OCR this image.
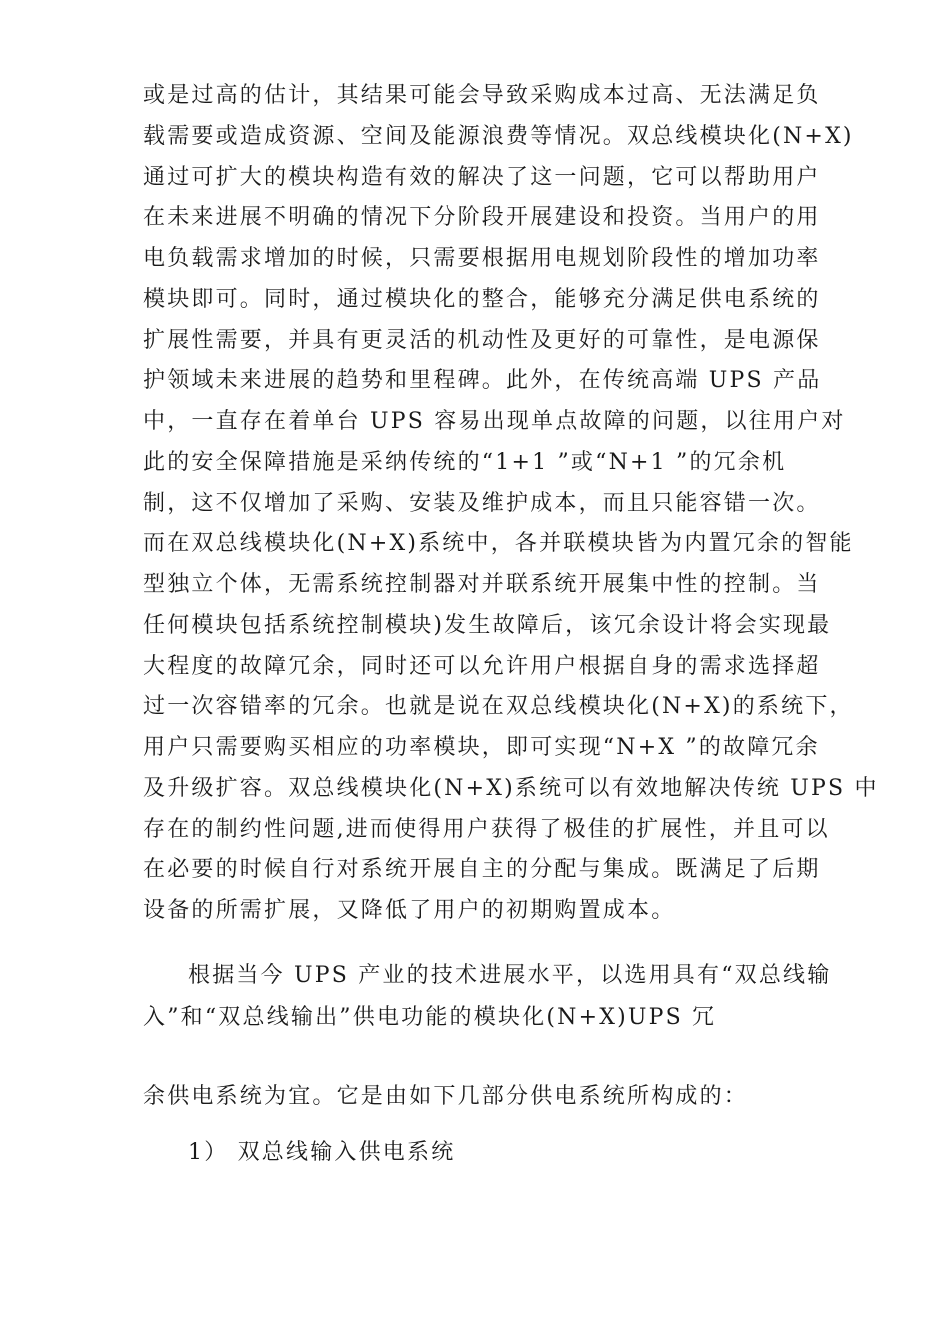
或是过高的估计，其结果可能会导致采购成本过高、无法满足负
载需要或造成资源、空间及能源浪费等情况。双总线模块化(N+X)
通过可扩大的模块构造有效的解决了这一问题，它可以帮助用户
在未来进展不明确的情况下分阶段开展建设和投资。当用户的用
电负载需求增加的时候，只需要根据用电规划阶段性的增加功率
模块即可。同时，通过模块化的整合，能够充分满足供电系统的
扩展性需要，并具有更灵活的机动性及更好的可靠性，是电源保
护领域未来进展的趋势和里程碑。此外，在传统高端 UPS 产品
中，一直存在着单台 UPS 容易出现单点故障的问题，以往用户对
此的安全保障措施是采纳传统的“1+1 ”或“N+1 ”的冗余机
制，这不仅增加了采购、安装及维护成本，而且只能容错一次。
而在双总线模块化(N+X)系统中，各并联模块皆为内置冗余的智能
型独立个体，无需系统控制器对并联系统开展集中性的控制。当
任何模块包括系统控制模块)发生故障后，该冗余设计将会实现最
大程度的故障冗余，同时还可以允许用户根据自身的需求选择超
过一次容错率的冗余。也就是说在双总线模块化(N+X)的系统下，
用户只需要购买相应的功率模块，即可实现“N+X ”的故障冗余
及升级扩容。双总线模块化(N+X)系统可以有效地解决传统 UPS 中
存在的制约性问题,进而使得用户获得了极佳的扩展性，并且可以
在必要的时候自行对系统开展自主的分配与集成。既满足了后期
设备的所需扩展，又降低了用户的初期购置成本。
根据当今 UPS 产业的技术进展水平，以选用具有“双总线输
入”和“双总线输出”供电功能的模块化(N+X)UPS 冗
余供电系统为宜。它是由如下几部分供电系统所构成的：
1） 双总线输入供电系统
